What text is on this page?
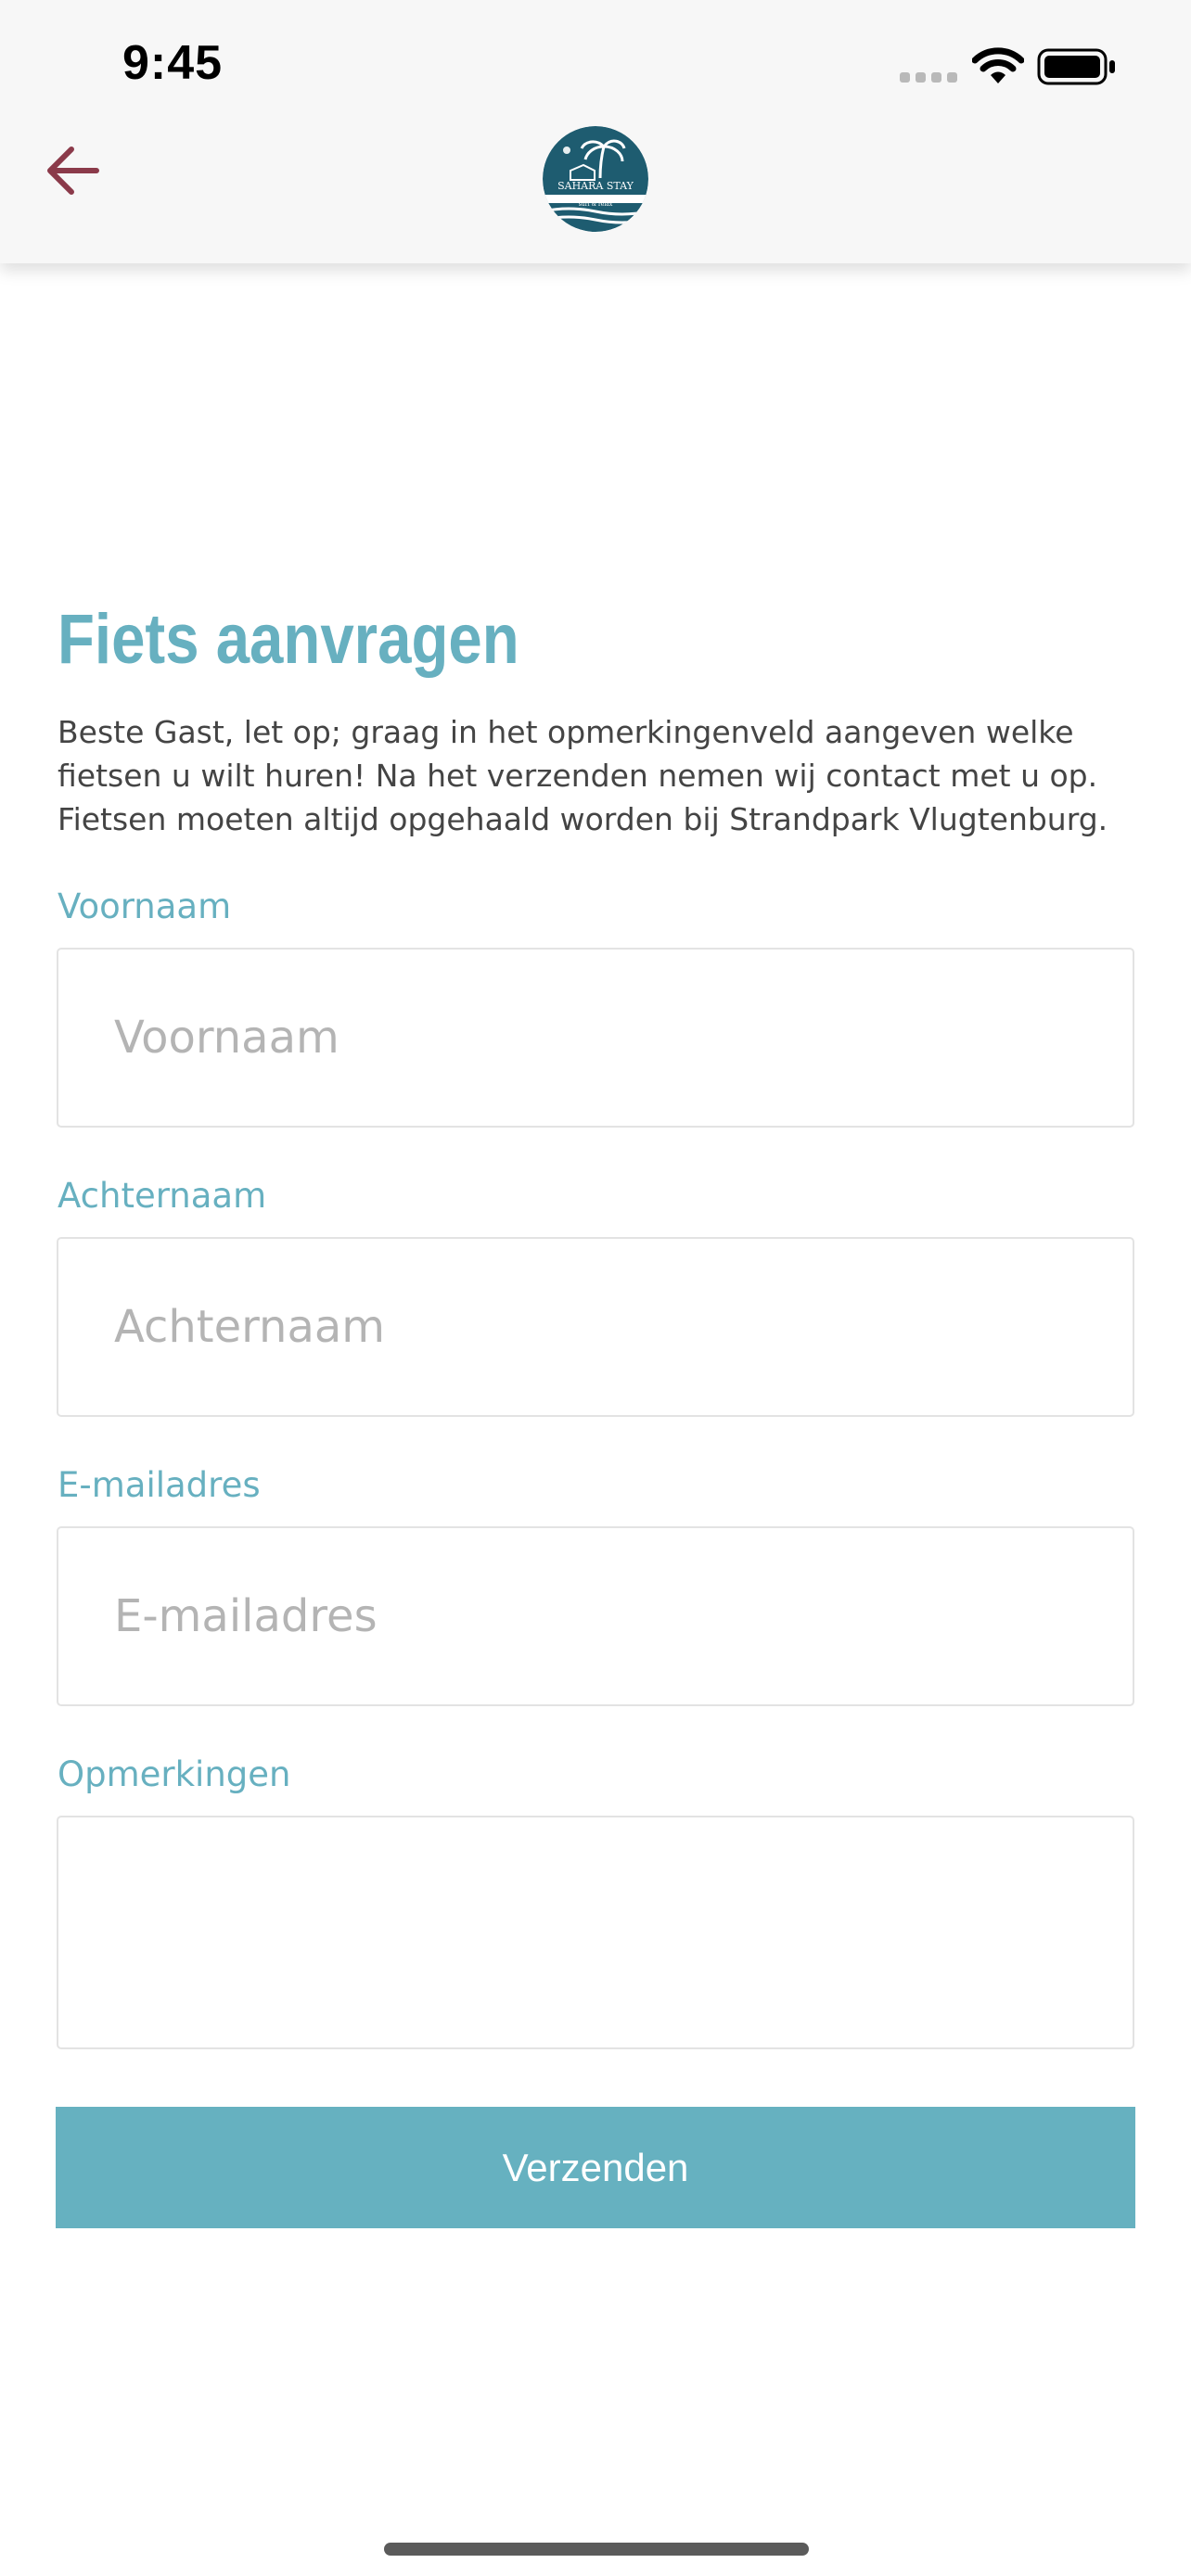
9:45
SAHARA STAY
surf & relax
Fiets aanvragen
Beste Gast, let op; graag in het opmerkingenveld aangeven welke
fietsen u wilt huren! Na het verzenden nemen wij contact met u op.
Fietsen moeten altijd opgehaald worden bij Strandpark Vlugtenburg.
Voornaam
Voornaam
Achternaam
Achternaam
E-mailadres
E-mailadres
Opmerkingen
Verzenden
